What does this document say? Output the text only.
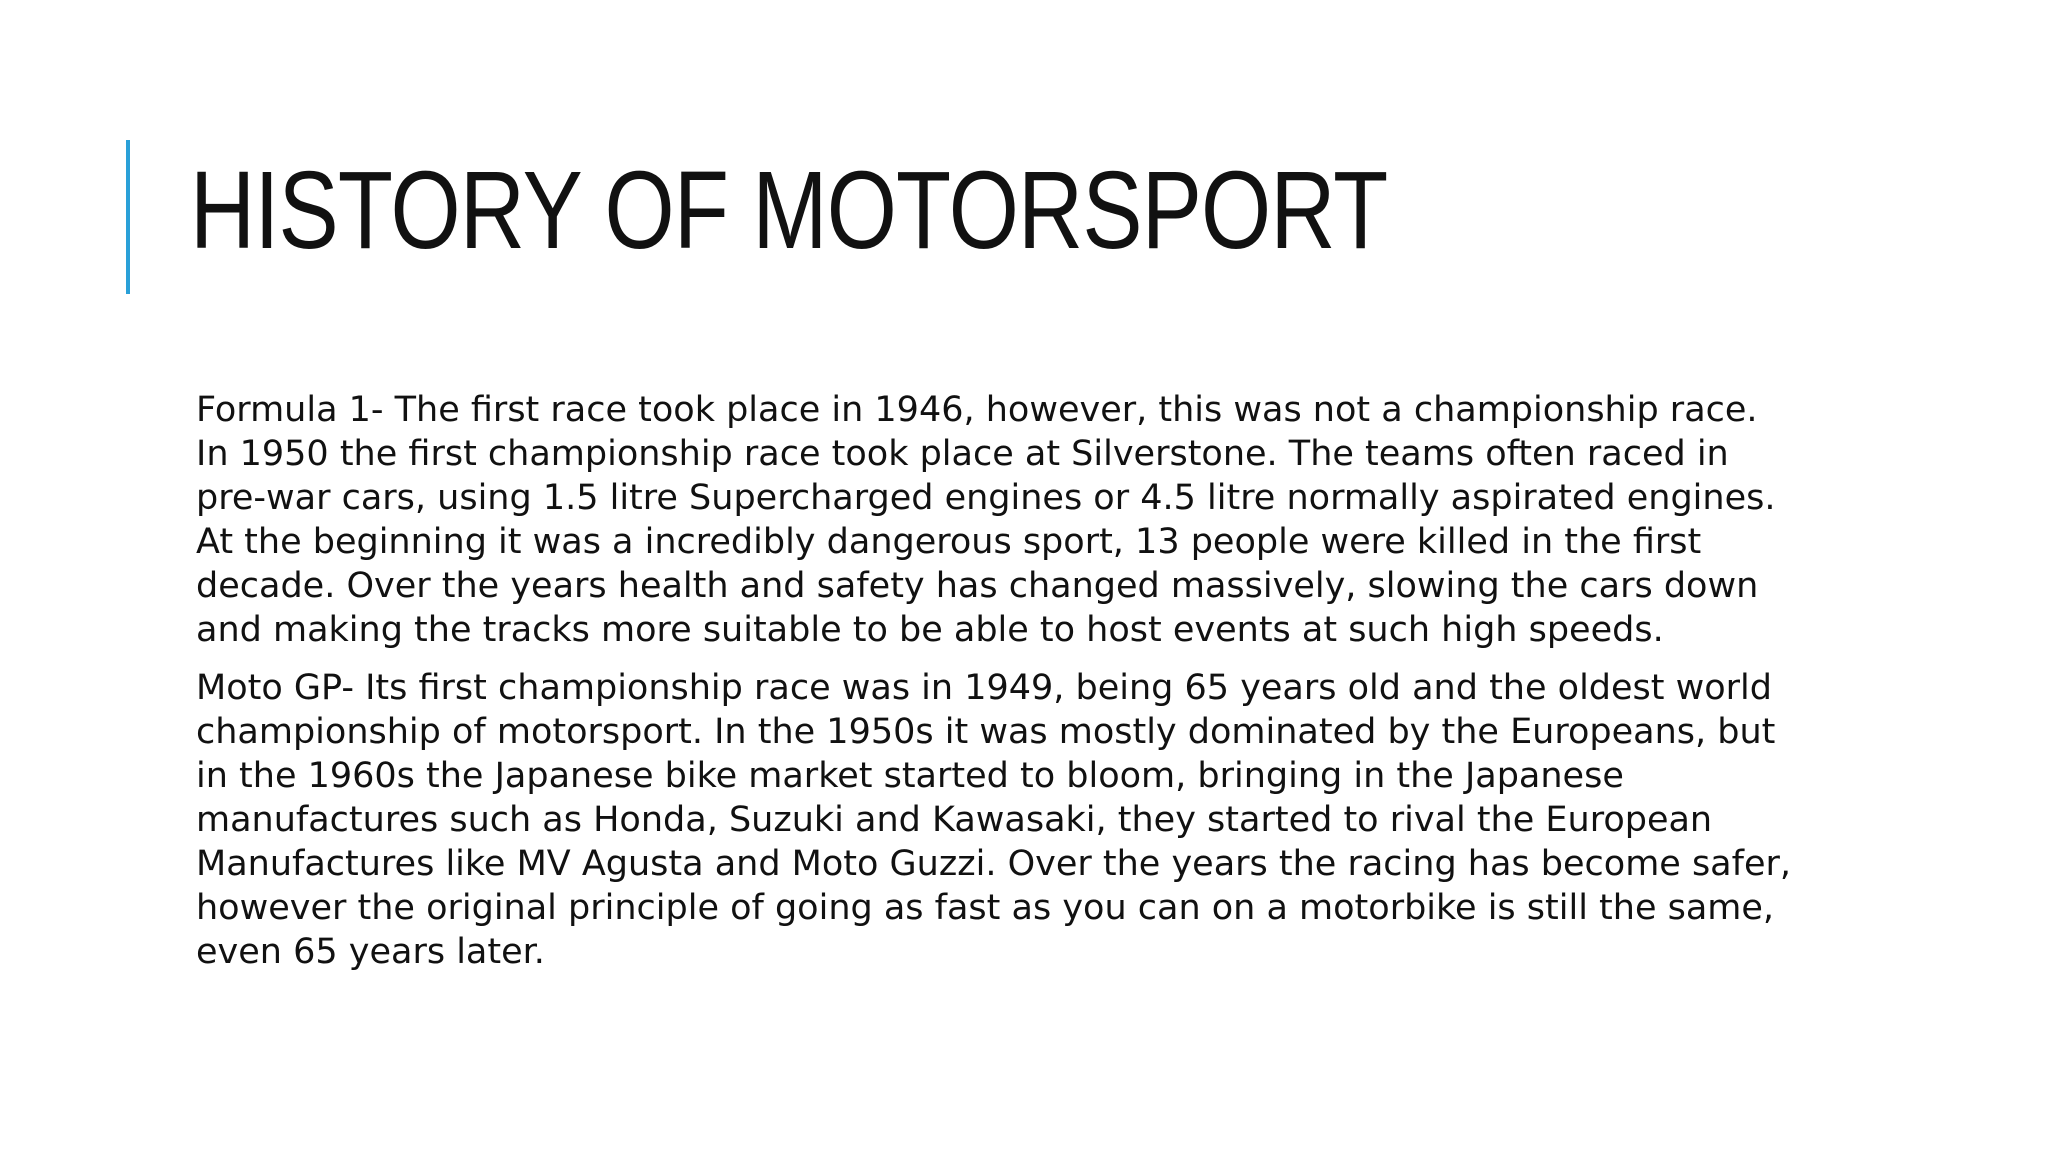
HISTORY OF MOTORSPORT

Formula 1- The first race took place in 1946, however, this was not a championship race.
In 1950 the first championship race took place at Silverstone. The teams often raced in
pre-war cars, using 1.5 litre Supercharged engines or 4.5 litre normally aspirated engines.
At the beginning it was a incredibly dangerous sport, 13 people were killed in the first
decade. Over the years health and safety has changed massively, slowing the cars down
and making the tracks more suitable to be able to host events at such high speeds.

Moto GP- Its first championship race was in 1949, being 65 years old and the oldest world
championship of motorsport. In the 1950s it was mostly dominated by the Europeans, but
in the 1960s the Japanese bike market started to bloom, bringing in the Japanese
manufactures such as Honda, Suzuki and Kawasaki, they started to rival the European
Manufactures like MV Agusta and Moto Guzzi. Over the years the racing has become safer,
however the original principle of going as fast as you can on a motorbike is still the same,
even 65 years later.
